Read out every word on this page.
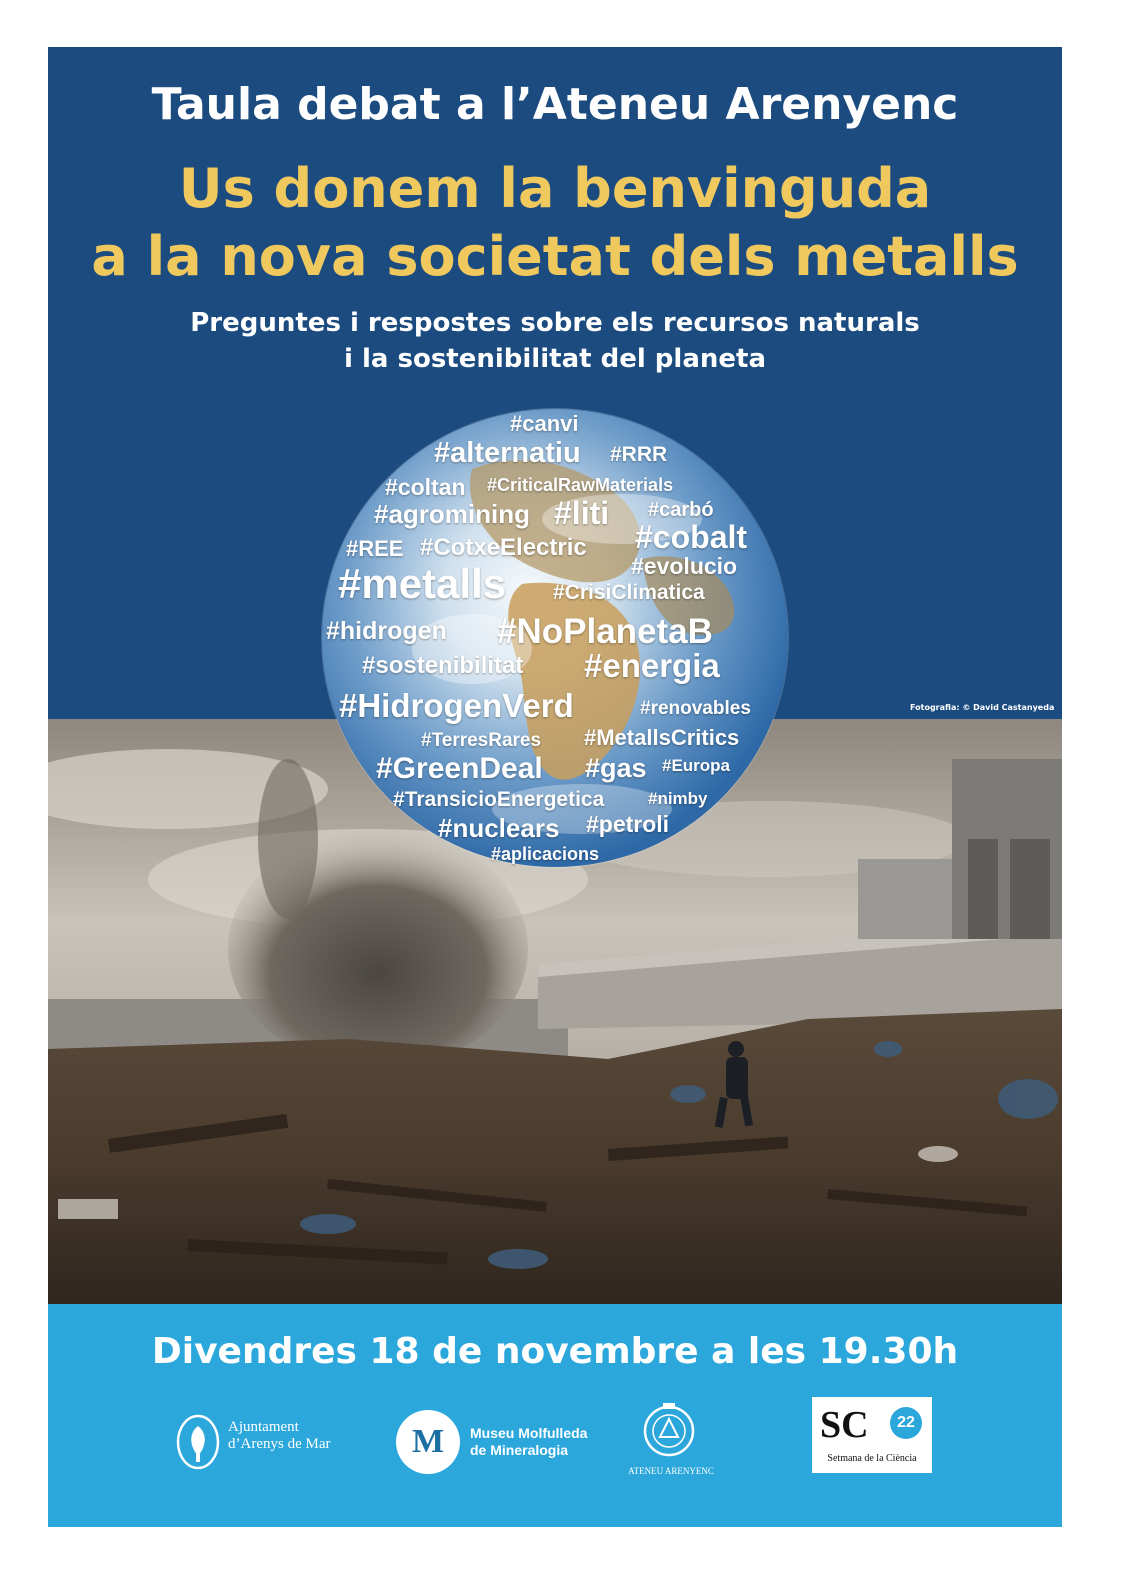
Taula debat a l’Ateneu Arenyenc
Us donem la benvinguda
a la nova societat dels metalls
Preguntes i respostes sobre els recursos naturals
i la sostenibilitat del planeta
Fotografia: © David Castanyeda
#canvi
#alternatiu #RRR
#coltan #CriticalRawMaterials
#agromining #liti #carbó
#REE #CotxeElectric #cobalt
#evolucio
#metalls #CrisiClimatica
#hidrogen #NoPlanetaB
#sostenibilitat #energia
#HidrogenVerd	#renovables
#TerresRares #MetallsCritics
#GreenDeal #gas #Europa
#TransicioEnergetica	#nimby
#nuclears #petroli
#aplicacions
Divendres 18 de novembre a les 19.30h
Ajuntament
d’Arenys de Mar M Museu Molfulleda
de Mineralogia
ATENEU ARENYENC
SC	22
Setmana de la Ciència
